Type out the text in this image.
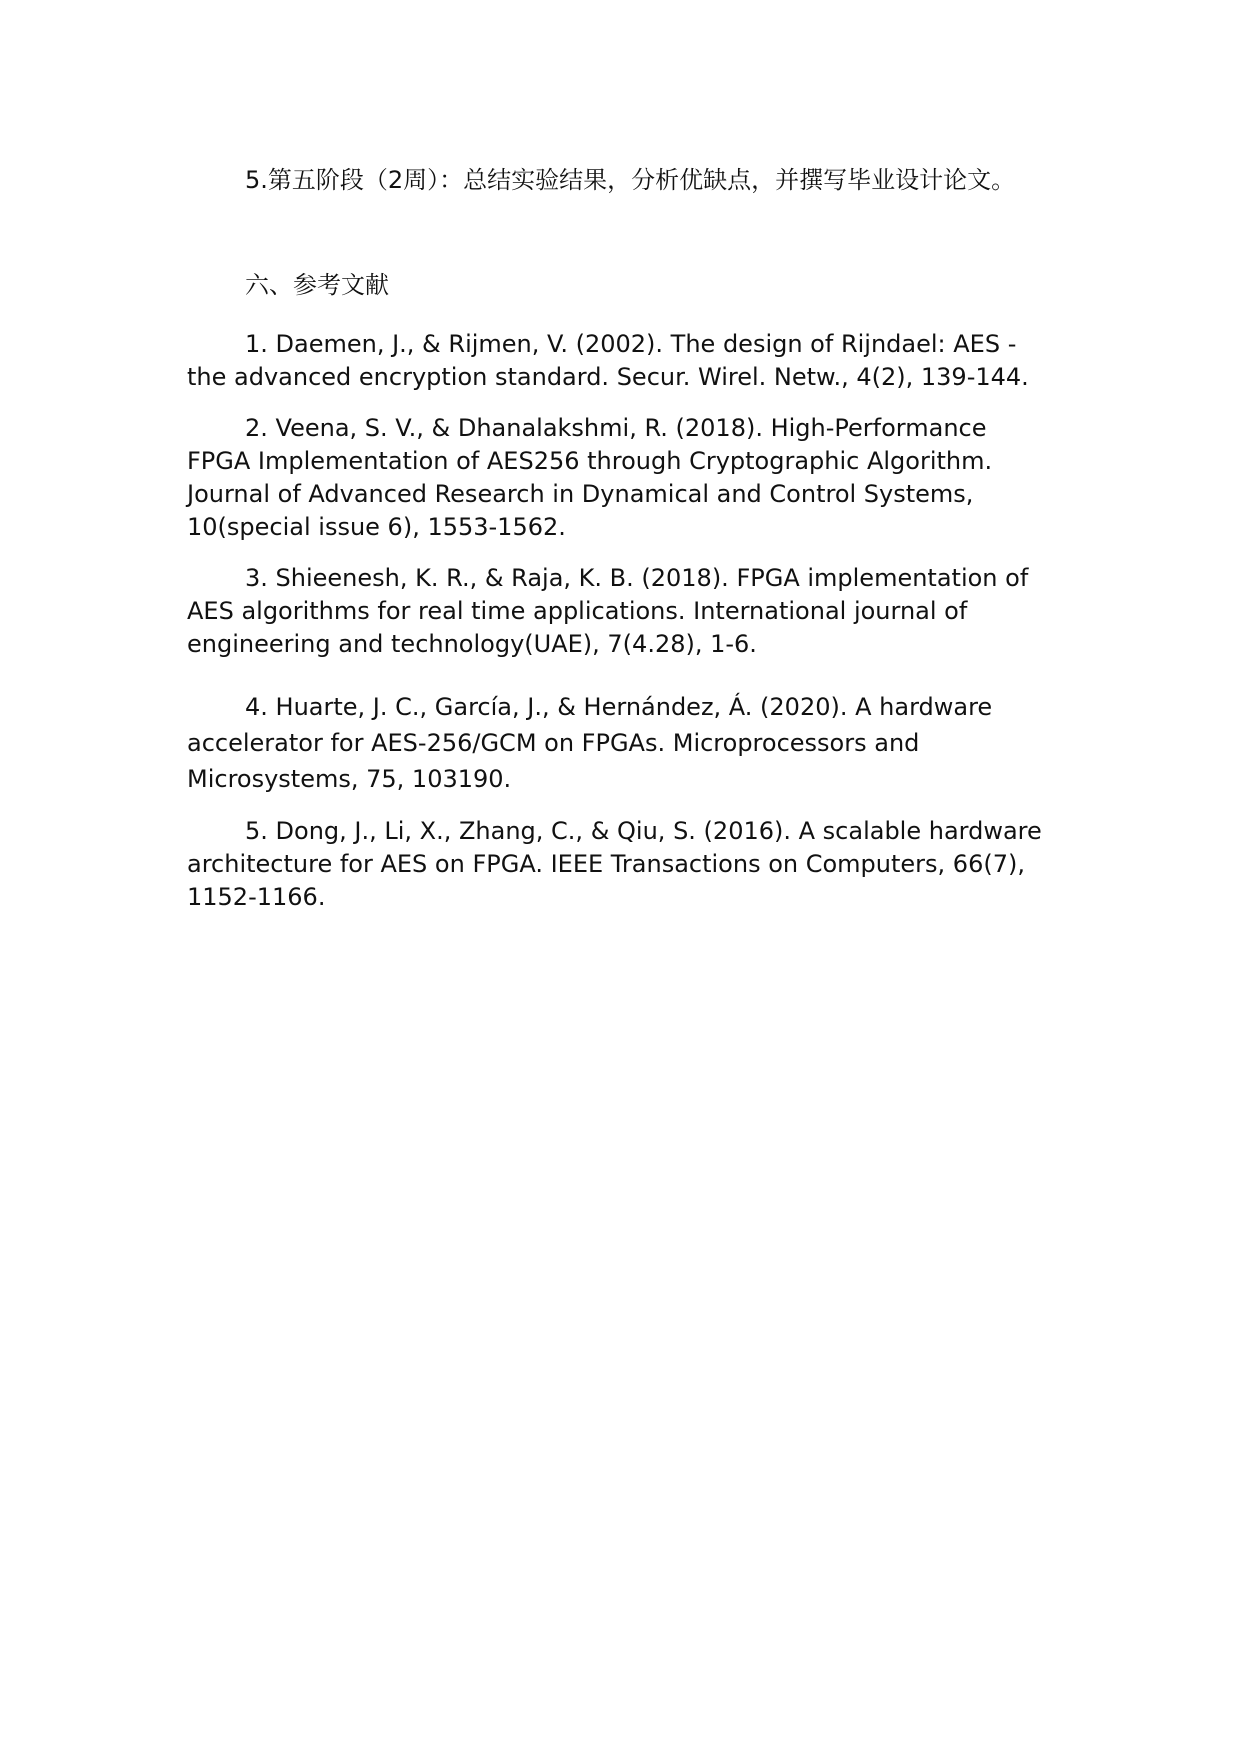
5.第五阶段（2周）：总结实验结果，分析优缺点，并撰写毕业设计论文。
六、参考文献

1. Daemen, J., & Rijmen, V. (2002). The design of Rijndael: AES - the advanced encryption standard. Secur. Wirel. Netw., 4(2), 139-144.

2. Veena, S. V., & Dhanalakshmi, R. (2018). High-Performance FPGA Implementation of AES256 through Cryptographic Algorithm. Journal of Advanced Research in Dynamical and Control Systems, 10(special issue 6), 1553-1562.

3. Shieenesh, K. R., & Raja, K. B. (2018). FPGA implementation of AES algorithms for real time applications. International journal of engineering and technology(UAE), 7(4.28), 1-6.

4. Huarte, J. C., García, J., & Hernández, Á. (2020). A hardware accelerator for AES-256/GCM on FPGAs. Microprocessors and Microsystems, 75, 103190.

5. Dong, J., Li, X., Zhang, C., & Qiu, S. (2016). A scalable hardware architecture for AES on FPGA. IEEE Transactions on Computers, 66(7), 1152-1166.
